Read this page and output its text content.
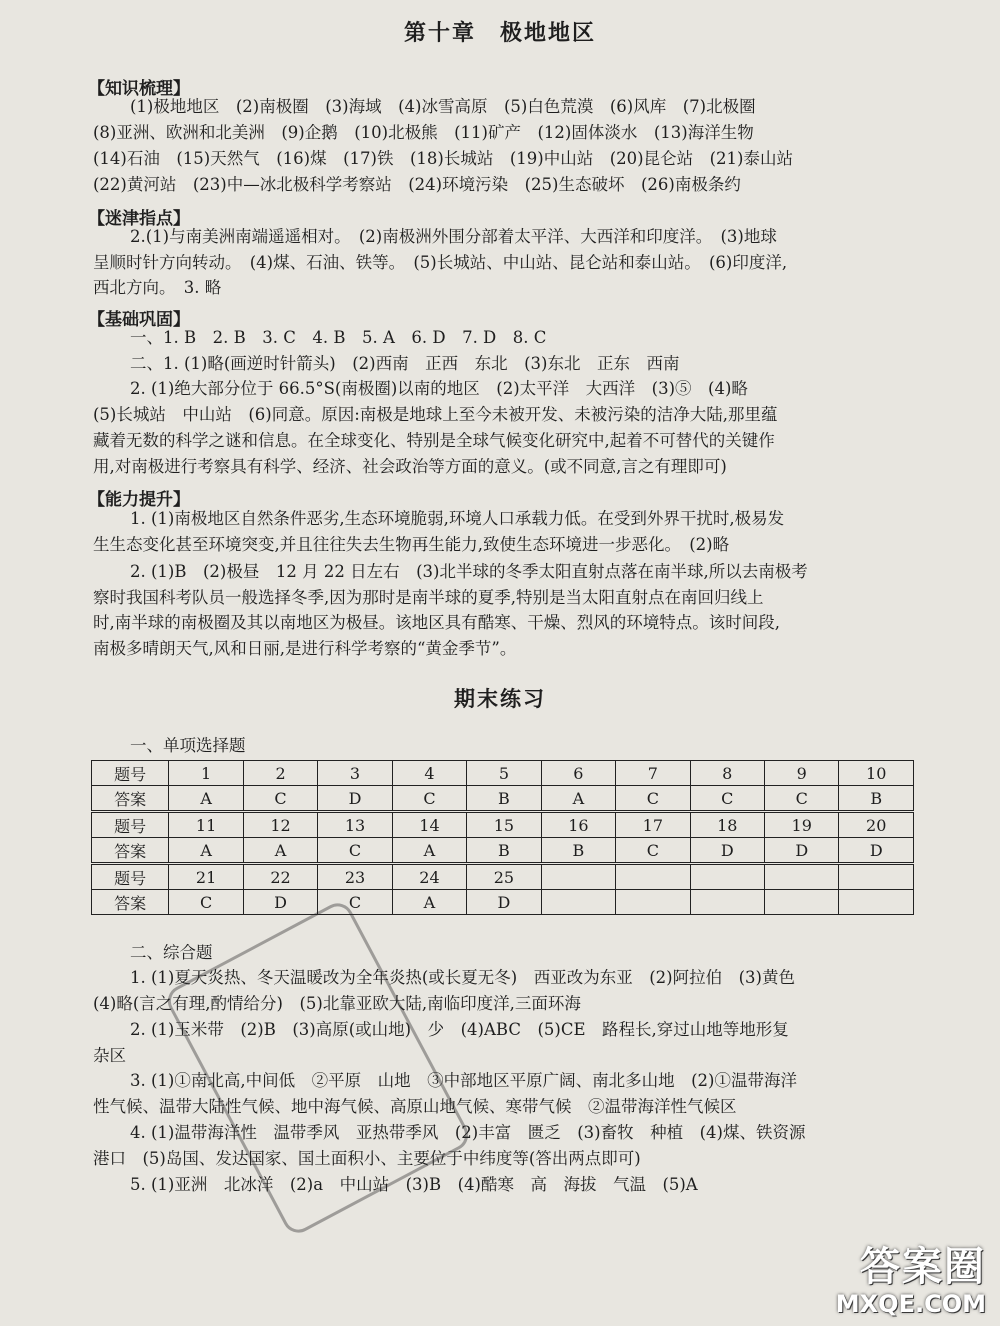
第十章　极地地区
【知识梳理】
(1)极地地区　(2)南极圈　(3)海域　(4)冰雪高原　(5)白色荒漠　(6)风库　(7)北极圈
(8)亚洲、欧洲和北美洲　(9)企鹅　(10)北极熊　(11)矿产　(12)固体淡水　(13)海洋生物
(14)石油　(15)天然气　(16)煤　(17)铁　(18)长城站　(19)中山站　(20)昆仑站　(21)泰山站
(22)黄河站　(23)中—冰北极科学考察站　(24)环境污染　(25)生态破坏　(26)南极条约
【迷津指点】
2.(1)与南美洲南端遥遥相对。　(2)南极洲外围分部着太平洋、大西洋和印度洋。　(3)地球
呈顺时针方向转动。　(4)煤、石油、铁等。　(5)长城站、中山站、昆仑站和泰山站。　(6)印度洋,
西北方向。　3. 略
【基础巩固】
一、1. B　2. B　3. C　4. B　5. A　6. D　7. D　8. C
二、1. (1)略(画逆时针箭头)　(2)西南　正西　东北　(3)东北　正东　西南
2. (1)绝大部分位于 66.5°S(南极圈)以南的地区　(2)太平洋　大西洋　(3)⑤　(4)略
(5)长城站　中山站　(6)同意。原因:南极是地球上至今未被开发、未被污染的洁净大陆,那里蕴
藏着无数的科学之谜和信息。在全球变化、特别是全球气候变化研究中,起着不可替代的关键作
用,对南极进行考察具有科学、经济、社会政治等方面的意义。(或不同意,言之有理即可)
【能力提升】
1. (1)南极地区自然条件恶劣,生态环境脆弱,环境人口承载力低。在受到外界干扰时,极易发
生生态变化甚至环境突变,并且往往失去生物再生能力,致使生态环境进一步恶化。　(2)略
2. (1)B　(2)极昼　12 月 22 日左右　(3)北半球的冬季太阳直射点落在南半球,所以去南极考
察时我国科考队员一般选择冬季,因为那时是南半球的夏季,特别是当太阳直射点在南回归线上
时,南半球的南极圈及其以南地区为极昼。该地区具有酷寒、干燥、烈风的环境特点。该时间段,
南极多晴朗天气,风和日丽,是进行科学考察的“黄金季节”。
期末练习
一、单项选择题
题号	1	2	3	4	5	6	7	8	9	10
答案	A	C	D	C	B	A	C	C	C	B

题号	11	12	13	14	15	16	17	18	19	20
答案	A	A	C	A	B	B	C	D	D	D

题号	21	22	23	24	25					
答案	C	D	C	A	D					
二、综合题
1. (1)夏天炎热、冬天温暖改为全年炎热(或长夏无冬)　西亚改为东亚　(2)阿拉伯　(3)黄色
(4)略(言之有理,酌情给分)　(5)北靠亚欧大陆,南临印度洋,三面环海
2. (1)玉米带　(2)B　(3)高原(或山地)　少　(4)ABC　(5)CE　路程长,穿过山地等地形复
杂区
3. (1)①南北高,中间低　②平原　山地　③中部地区平原广阔、南北多山地　(2)①温带海洋
性气候、温带大陆性气候、地中海气候、高原山地气候、寒带气候　②温带海洋性气候区
4. (1)温带海洋性　温带季风　亚热带季风　(2)丰富　匮乏　(3)畜牧　种植　(4)煤、铁资源
港口　(5)岛国、发达国家、国土面积小、主要位于中纬度等(答出两点即可)
5. (1)亚洲　北冰洋　(2)a　中山站　(3)B　(4)酷寒　高　海拔　气温　(5)A
答案圈
MXQE.COM
